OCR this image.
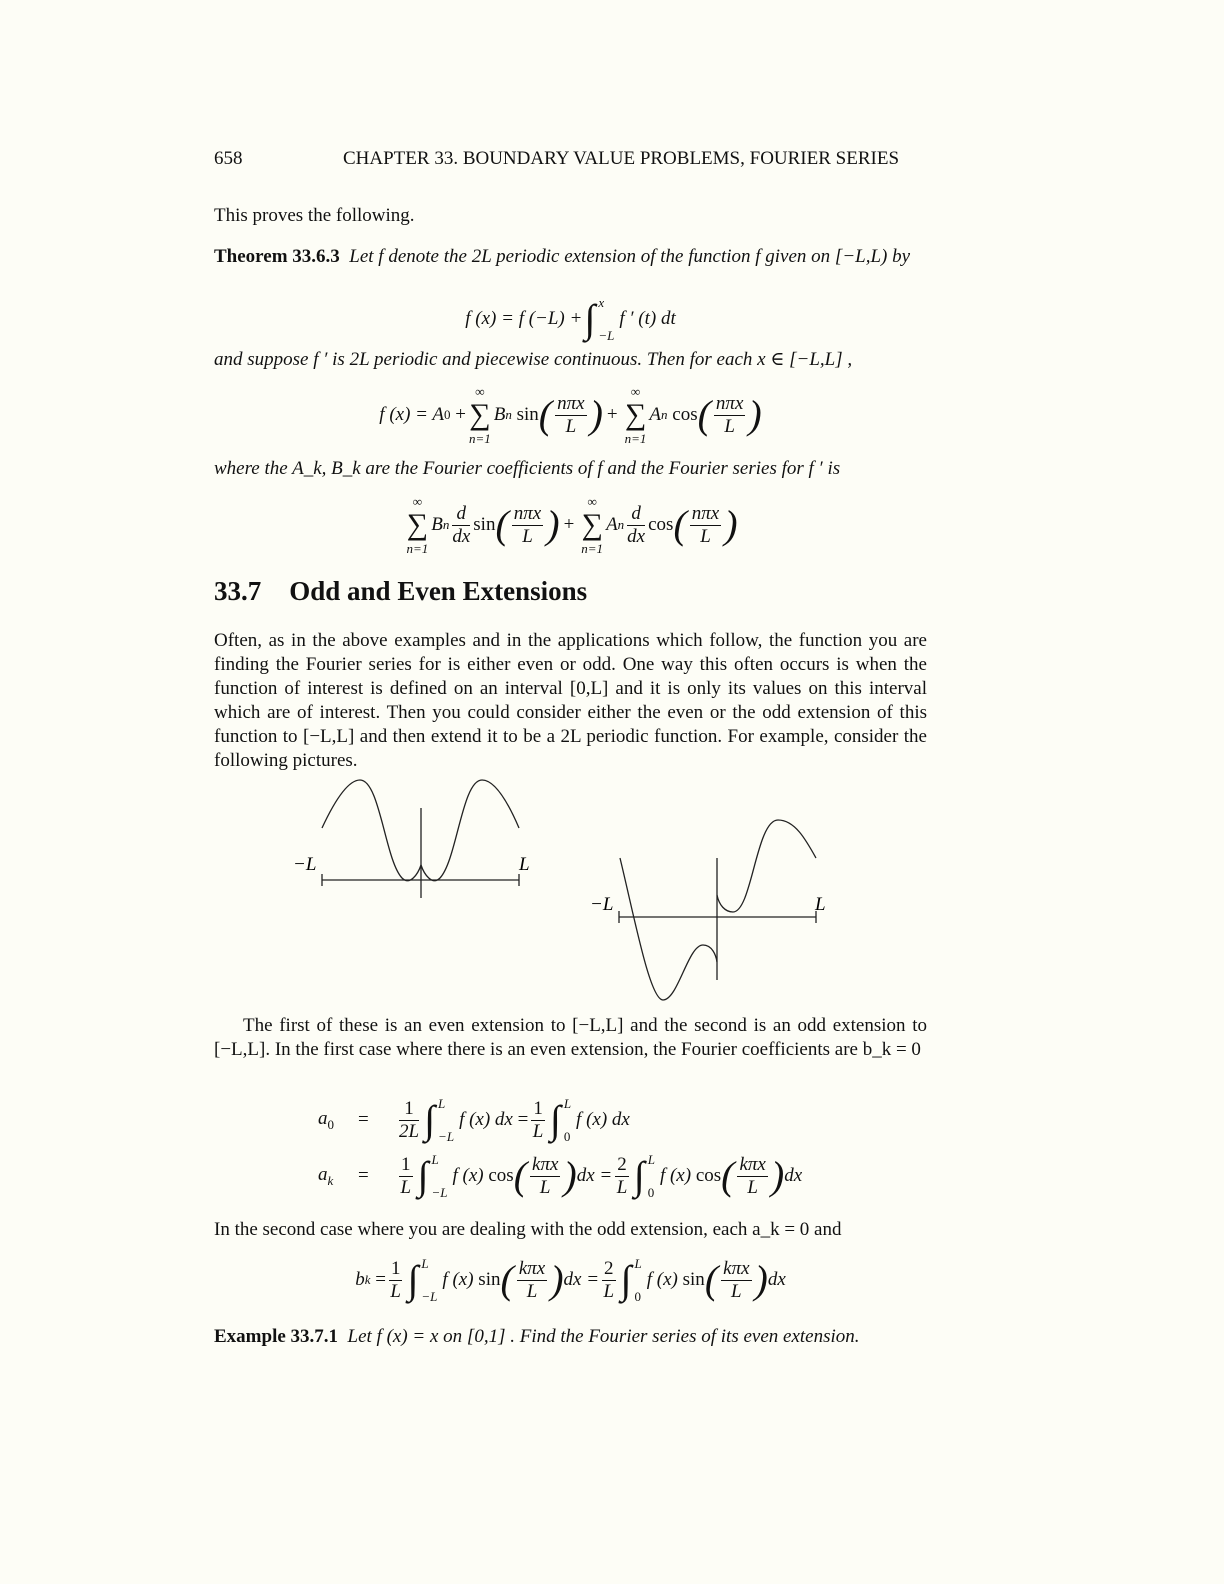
658	CHAPTER 33. BOUNDARY VALUE PROBLEMS, FOURIER SERIES
This proves the following.
Theorem 33.6.3 Let f denote the 2L periodic extension of the function f given on [−L,L) by
f (x) = f (−L) + ∫ x
−L
f ′ (t) dt
and suppose f ′ is 2L periodic and piecewise continuous. Then for each x ∈ [−L,L] ,
f (x) = A 0
+
∞
∑
n=1
B n
sin ( $\frac{\text{nπx}}{L}$ ) +
∞
∑
n=1
A n
cos ( $\frac{\text{nπx}}{L}$ )
where the A_k, B_k are the Fourier coefficients of f and the Fourier series for f ′ is
∞
∑
n=1
B n $\frac{d}{dx}$ sin ( $\frac{\text{nπx}}{L}$ ) +
∞
∑
n=1
A n $\frac{d}{dx}$ cos ( $\frac{\text{nπx}}{L}$ )
33.7 Odd and Even Extensions
Often, as in the above examples and in the applications which follow, the function you are finding the Fourier series for is either even or odd. One way this often occurs is when the function of interest is defined on an interval [0,L] and it is only its values on this interval which are of interest. Then you could consider either the even or the odd extension of this function to [−L,L] and then extend it to be a 2L periodic function. For example, consider the following pictures.
−L	L
−L	L
The first of these is an even extension to [−L,L] and the second is an odd extension to [−L,L]. In the first case where there is an even extension, the Fourier coefficients are b_k = 0
$a_0$	=	$\frac{1}{2L}$ ∫ L
−L
f (x) dx
= $\frac{1}{L}$ ∫ L
0
f (x) dx
$a_k$	=	$\frac{1}{L}$ ∫ L
−L
f (x)
cos ( $\frac{\text{kπx}}{L}$ ) dx = $\frac{2}{L}$ ∫ L
0
f (x)
cos ( $\frac{\text{kπx}}{L}$ ) dx
In the second case where you are dealing with the odd extension, each a_k = 0 and
b k
= $\frac{1}{L}$ ∫ L
−L
f (x)
sin ( $\frac{\text{kπx}}{L}$ ) dx = $\frac{2}{L}$ ∫ L
0
f (x)
sin ( $\frac{\text{kπx}}{L}$ ) dx
Example 33.7.1 Let f (x) = x on [0,1] . Find the Fourier series of its even extension.
